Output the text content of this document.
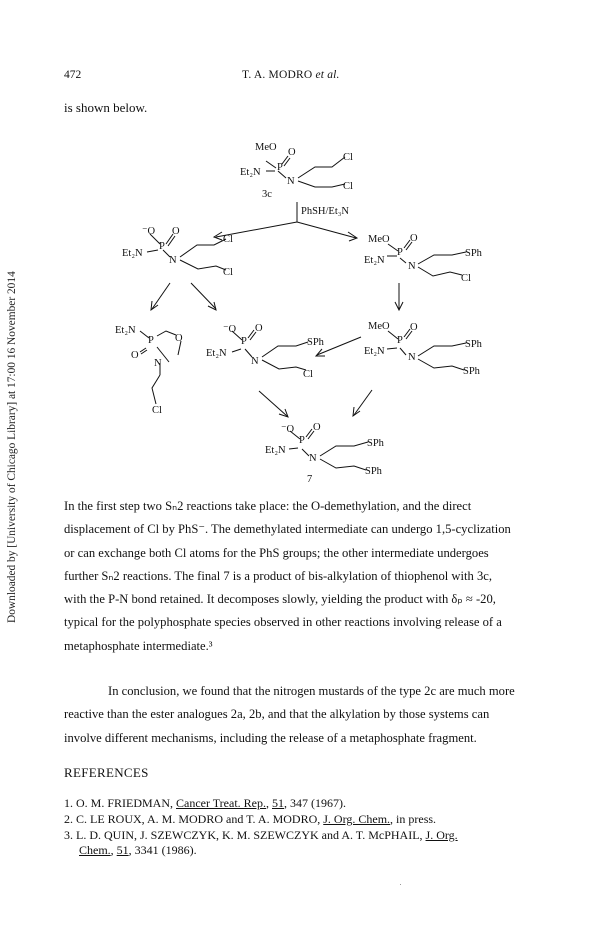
Downloaded by [University of Chicago Library] at 17:00 16 November 2014
472	T. A. MODRO et al.
is shown below.
MeO
P
O
Et₂N
N
Cl
Cl
3c
PhSH/Et₃N
⁻O
P
O
Et₂N
N
Cl
Cl
MeO
P
O
Et₂N
N
SPh
Cl
Et₂N
P O
O
N
Cl
⁻O
P
O
Et₂N
N
SPh
Cl
MeO
P
O
Et₂N
N
SPh
SPh
⁻O
P
O
Et₂N
N
SPh
SPh
7
In the first step two Sₙ2 reactions take place: the O-demethylation, and the direct
displacement of Cl by PhS⁻. The demethylated intermediate can undergo 1,5-cyclization
or can exchange both Cl atoms for the PhS groups; the other intermediate undergoes
further Sₙ2 reactions. The final 7 is a product of bis-alkylation of thiophenol with 3c,
with the P-N bond retained. It decomposes slowly, yielding the product with δₚ ≈ -20,
typical for the polyphosphate species observed in other reactions involving release of a
metaphosphate intermediate.³
In conclusion, we found that the nitrogen mustards of the type 2c are much more
reactive than the ester analogues 2a, 2b, and that the alkylation by those systems can
involve different mechanisms, including the release of a metaphosphate fragment.
REFERENCES
1. O. M. FRIEDMAN, Cancer Treat. Rep., 51, 347 (1967).
2. C. LE ROUX, A. M. MODRO and T. A. MODRO, J. Org. Chem., in press.
3. L. D. QUIN, J. SZEWCZYK, K. M. SZEWCZYK and A. T. McPHAIL, J. Org.
Chem., 51, 3341 (1986).
